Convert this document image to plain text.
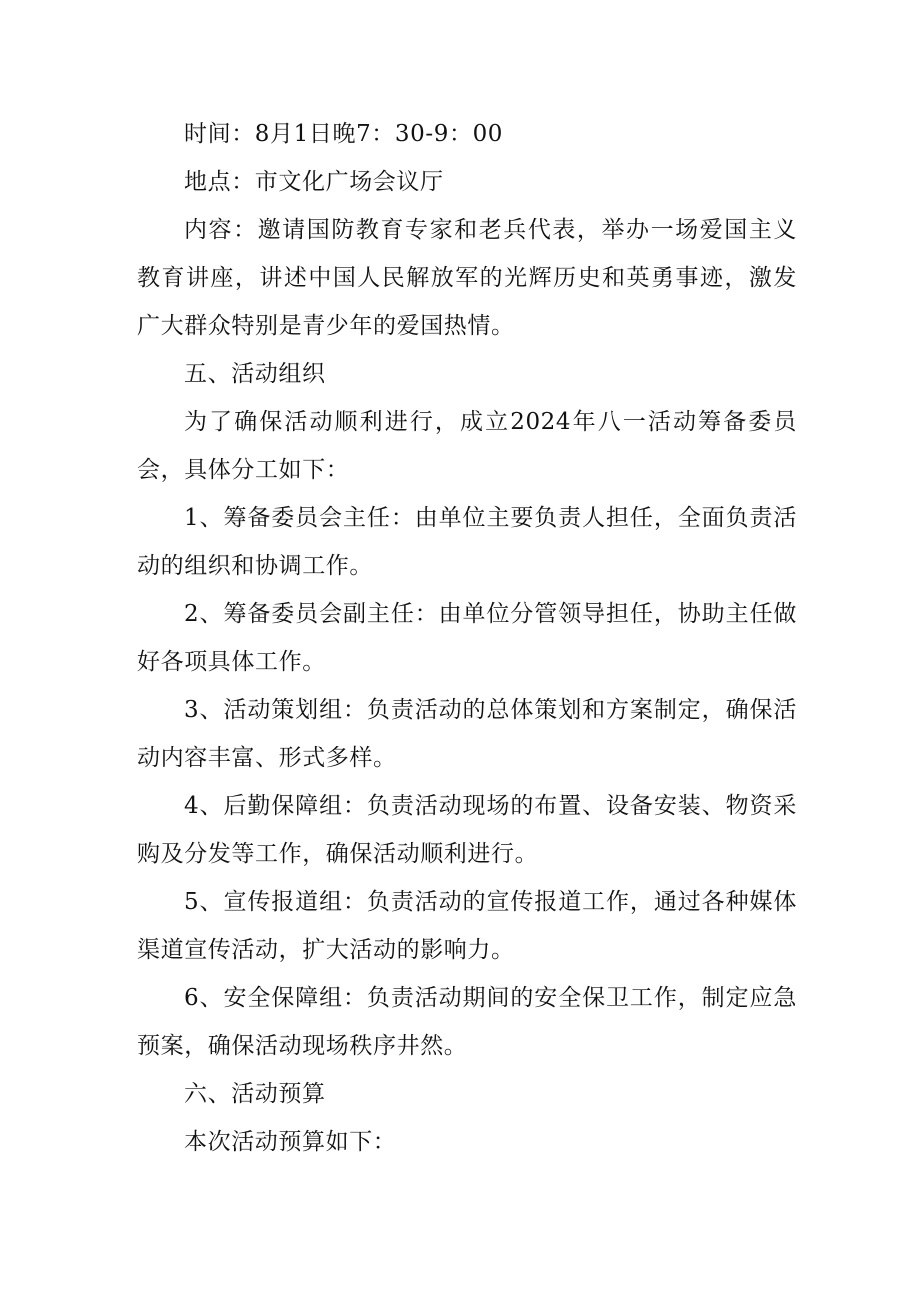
时间：8月1日晚7：30-9：00

地点：市文化广场会议厅

内容：邀请国防教育专家和老兵代表，举办一场爱国主义教育讲座，讲述中国人民解放军的光辉历史和英勇事迹，激发广大群众特别是青少年的爱国热情。

五、活动组织

为了确保活动顺利进行，成立2024年八一活动筹备委员会，具体分工如下：

1、筹备委员会主任：由单位主要负责人担任，全面负责活动的组织和协调工作。

2、筹备委员会副主任：由单位分管领导担任，协助主任做好各项具体工作。

3、活动策划组：负责活动的总体策划和方案制定，确保活动内容丰富、形式多样。

4、后勤保障组：负责活动现场的布置、设备安装、物资采购及分发等工作，确保活动顺利进行。

5、宣传报道组：负责活动的宣传报道工作，通过各种媒体渠道宣传活动，扩大活动的影响力。

6、安全保障组：负责活动期间的安全保卫工作，制定应急预案，确保活动现场秩序井然。

六、活动预算

本次活动预算如下：
